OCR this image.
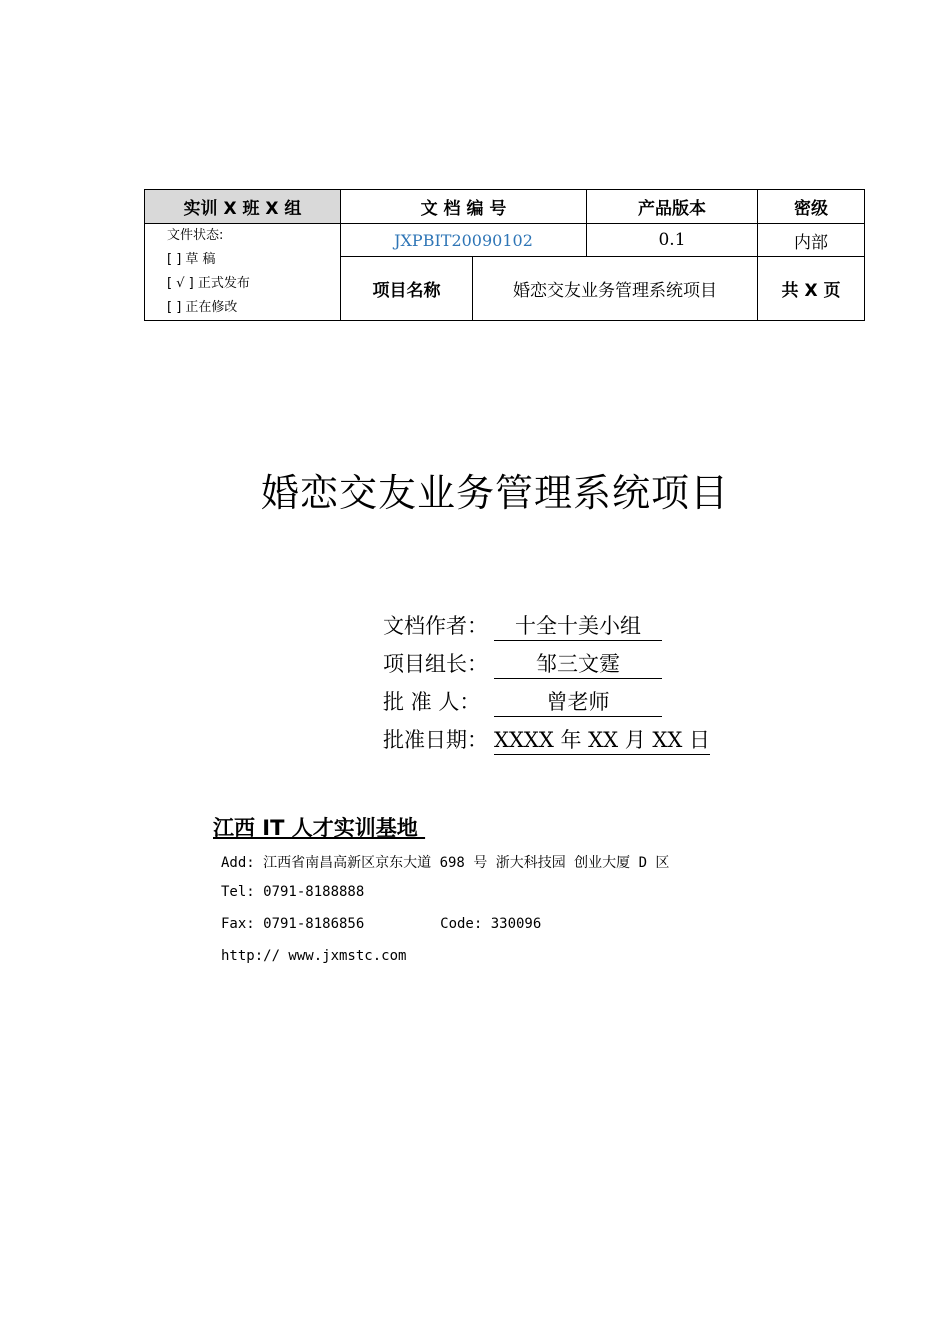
实训 X 班 X 组	文 档 编 号		产品版本	密级

文件状态:
[ ] 草 稿
[ √ ] 正式发布
[ ] 正在修改	JXPBIT20090102		0.1	内部
	项目名称	婚恋交友业务管理系统项目		共 X 页
婚恋交友业务管理系统项目
文档作者： 十全十美小组
项目组长： 邹三文霆
批 准 人：	曾老师
批准日期： XXXX 年 XX 月 XX 日
江西 IT 人才实训基地
Add: 江西省南昌高新区京东大道 698 号 浙大科技园 创业大厦 D 区
Tel: 0791-8188888
Fax: 0791-8186856         Code: 330096
http:// www.jxmstc.com
